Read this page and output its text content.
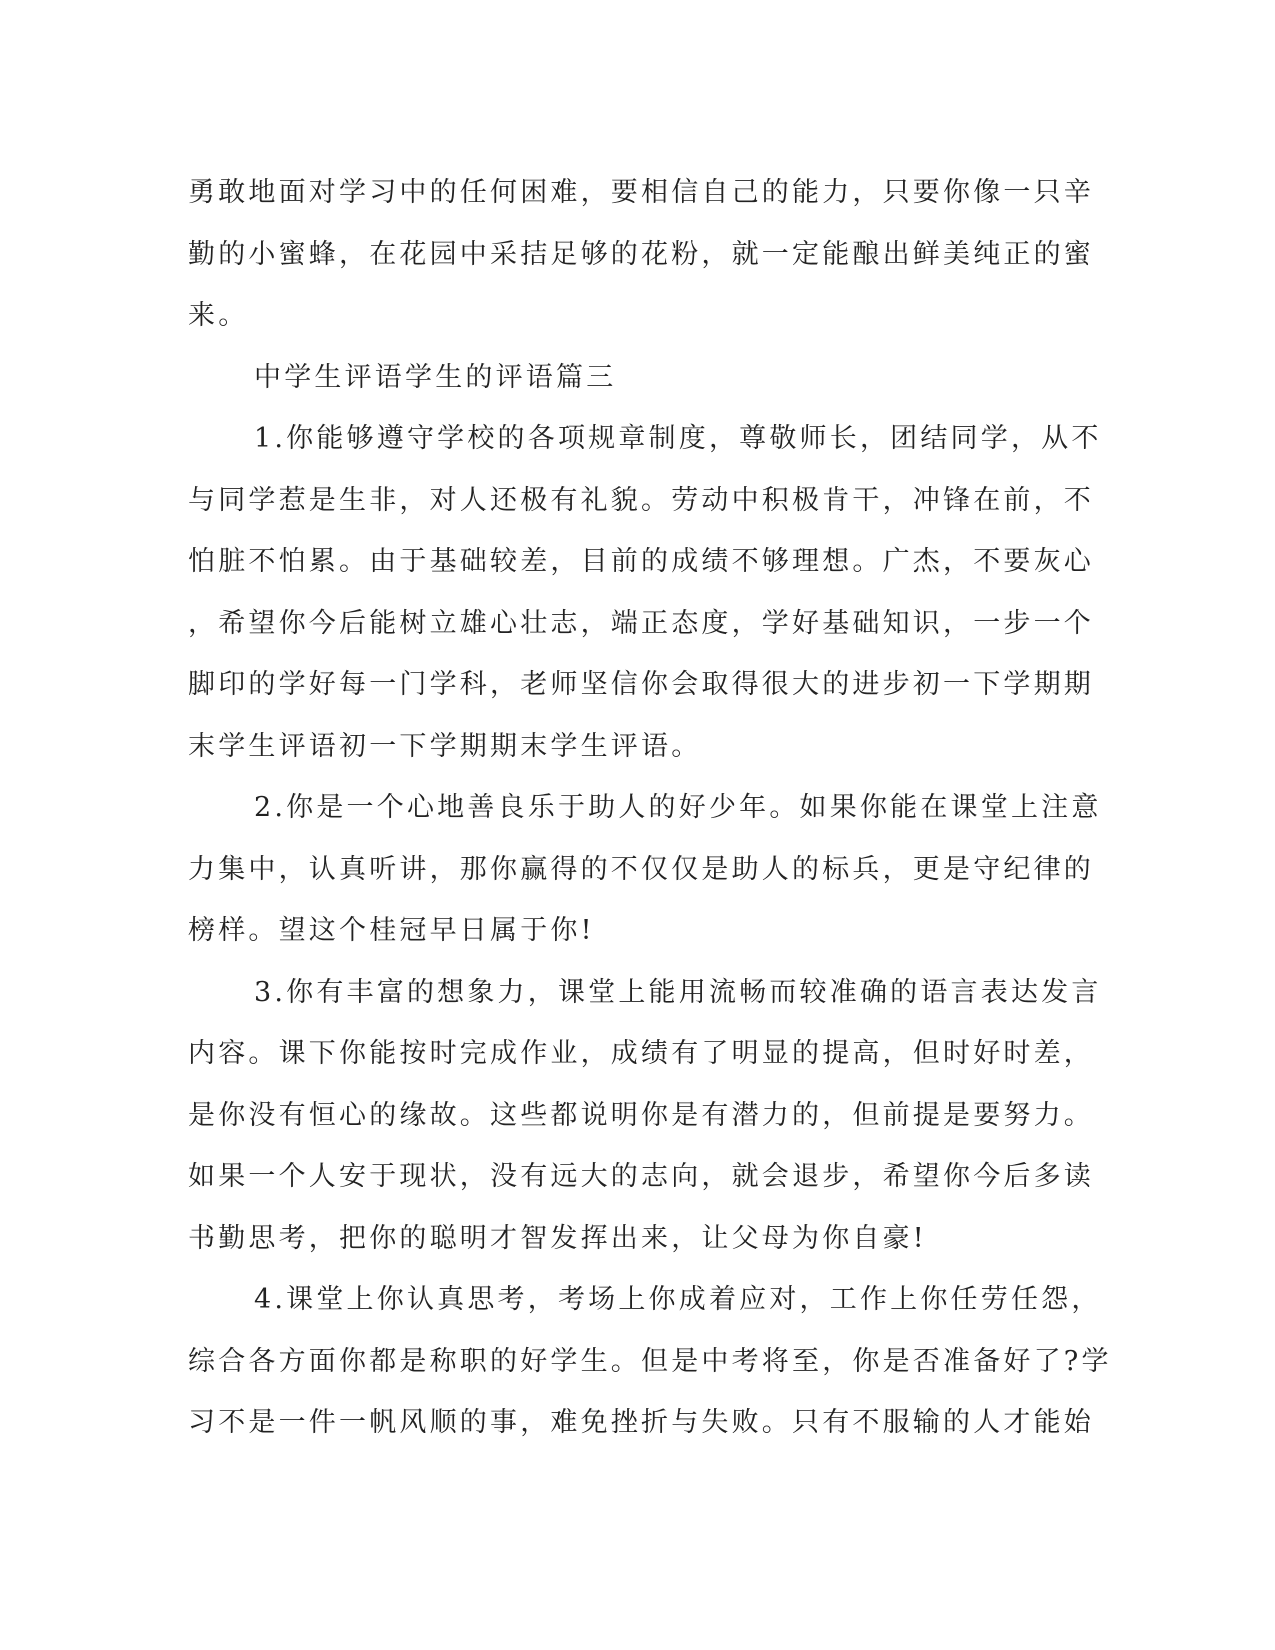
勇敢地面对学习中的任何困难，要相信自己的能力，只要你像一只辛
勤的小蜜蜂，在花园中采拮足够的花粉，就一定能酿出鲜美纯正的蜜
来。
中学生评语学生的评语篇三
1.你能够遵守学校的各项规章制度，尊敬师长，团结同学，从不
与同学惹是生非，对人还极有礼貌。劳动中积极肯干，冲锋在前，不
怕脏不怕累。由于基础较差，目前的成绩不够理想。广杰，不要灰心
，希望你今后能树立雄心壮志，端正态度，学好基础知识，一步一个
脚印的学好每一门学科，老师坚信你会取得很大的进步初一下学期期
末学生评语初一下学期期末学生评语。
2.你是一个心地善良乐于助人的好少年。如果你能在课堂上注意
力集中，认真听讲，那你赢得的不仅仅是助人的标兵，更是守纪律的
榜样。望这个桂冠早日属于你!
3.你有丰富的想象力，课堂上能用流畅而较准确的语言表达发言
内容。课下你能按时完成作业，成绩有了明显的提高，但时好时差，
是你没有恒心的缘故。这些都说明你是有潜力的，但前提是要努力。
如果一个人安于现状，没有远大的志向，就会退步，希望你今后多读
书勤思考，把你的聪明才智发挥出来，让父母为你自豪!
4.课堂上你认真思考，考场上你成着应对，工作上你任劳任怨，
综合各方面你都是称职的好学生。但是中考将至，你是否准备好了?学
习不是一件一帆风顺的事，难免挫折与失败。只有不服输的人才能始
